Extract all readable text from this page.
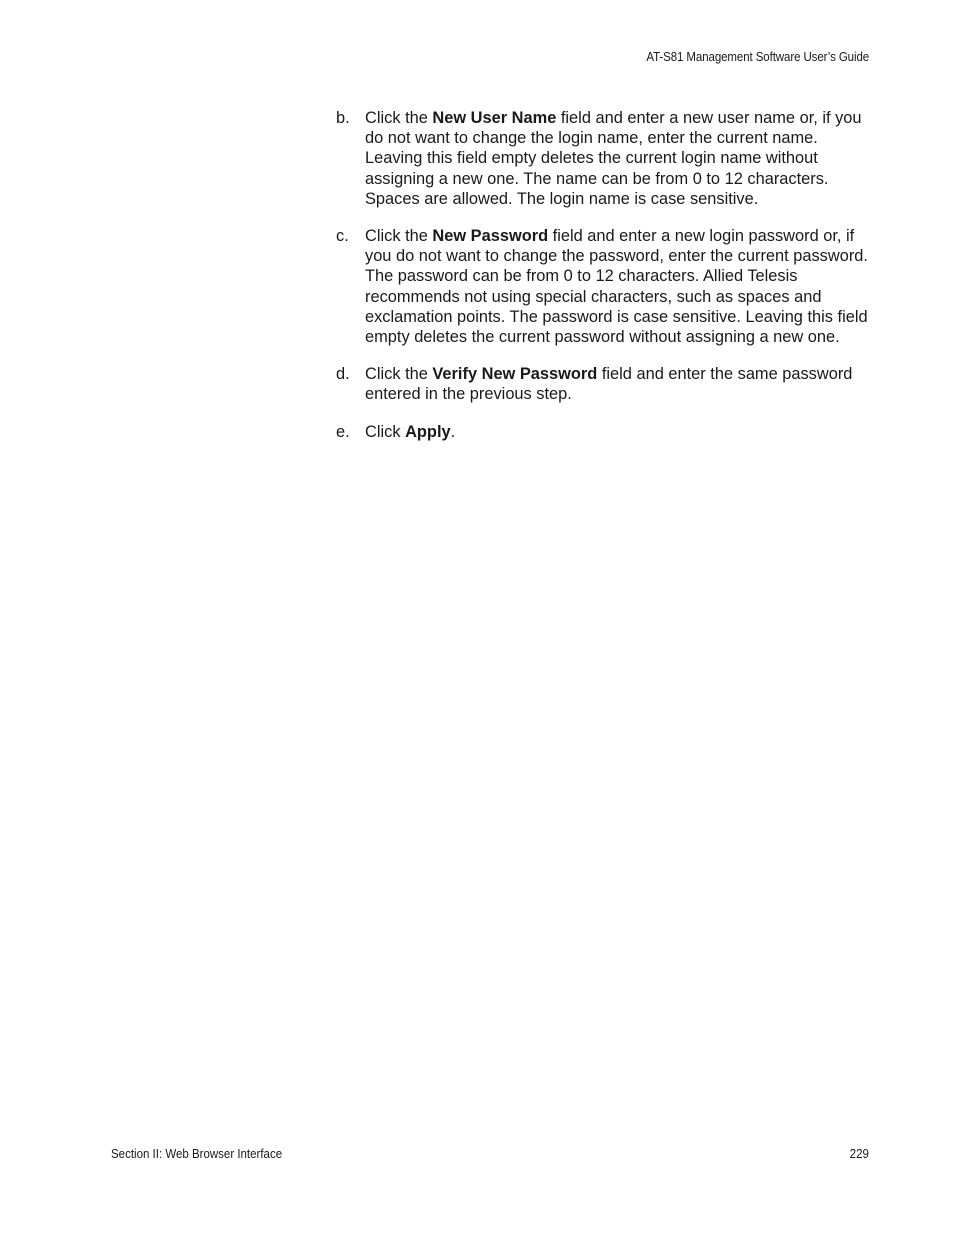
AT-S81 Management Software User’s Guide
b. Click the New User Name field and enter a new user name or, if you do not want to change the login name, enter the current name. Leaving this field empty deletes the current login name without assigning a new one. The name can be from 0 to 12 characters. Spaces are allowed. The login name is case sensitive.
c. Click the New Password field and enter a new login password or, if you do not want to change the password, enter the current password. The password can be from 0 to 12 characters. Allied Telesis recommends not using special characters, such as spaces and exclamation points. The password is case sensitive. Leaving this field empty deletes the current password without assigning a new one.
d. Click the Verify New Password field and enter the same password entered in the previous step.
e. Click Apply.
Section II: Web Browser Interface	229
